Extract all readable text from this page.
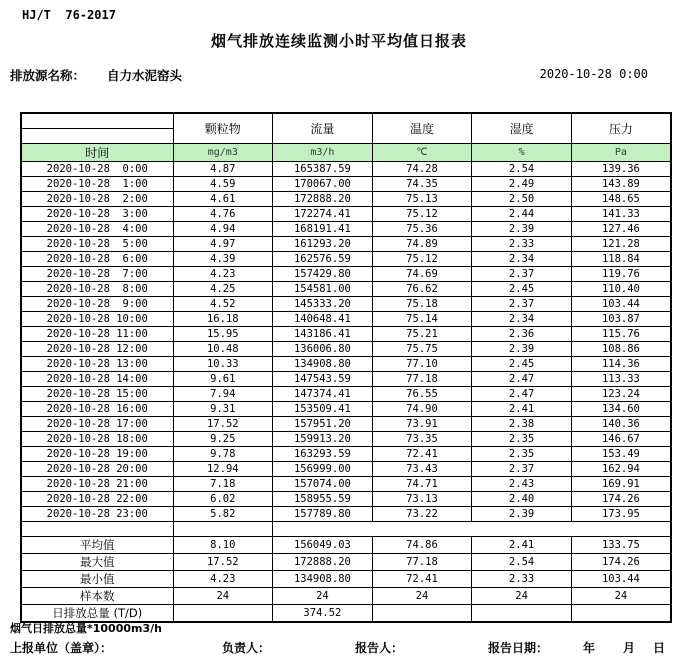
HJ/T  76-2017
烟气排放连续监测小时平均值日报表
排放源名称： 自力水泥窑头	2020-10-28 0:00
	颗粒物	流量	温度	湿度	压力

时间	mg/m3	m3/h	℃	%	Pa
2020-10-28  0:00	4.87	165387.59	74.28	2.54	139.36
2020-10-28  1:00	4.59	170067.00	74.35	2.49	143.89
2020-10-28  2:00	4.61	172888.20	75.13	2.50	148.65
2020-10-28  3:00	4.76	172274.41	75.12	2.44	141.33
2020-10-28  4:00	4.94	168191.41	75.36	2.39	127.46
2020-10-28  5:00	4.97	161293.20	74.89	2.33	121.28
2020-10-28  6:00	4.39	162576.59	75.12	2.34	118.84
2020-10-28  7:00	4.23	157429.80	74.69	2.37	119.76
2020-10-28  8:00	4.25	154581.00	76.62	2.45	110.40
2020-10-28  9:00	4.52	145333.20	75.18	2.37	103.44
2020-10-28 10:00	16.18	140648.41	75.14	2.34	103.87
2020-10-28 11:00	15.95	143186.41	75.21	2.36	115.76
2020-10-28 12:00	10.48	136006.80	75.75	2.39	108.86
2020-10-28 13:00	10.33	134908.80	77.10	2.45	114.36
2020-10-28 14:00	9.61	147543.59	77.18	2.47	113.33
2020-10-28 15:00	7.94	147374.41	76.55	2.47	123.24
2020-10-28 16:00	9.31	153509.41	74.90	2.41	134.60
2020-10-28 17:00	17.52	157951.20	73.91	2.38	140.36
2020-10-28 18:00	9.25	159913.20	73.35	2.35	146.67
2020-10-28 19:00	9.78	163293.59	72.41	2.35	153.49
2020-10-28 20:00	12.94	156999.00	73.43	2.37	162.94
2020-10-28 21:00	7.18	157074.00	74.71	2.43	169.91
2020-10-28 22:00	6.02	158955.59	73.13	2.40	174.26
2020-10-28 23:00	5.82	157789.80	73.22	2.39	173.95

平均值	8.10	156049.03	74.86	2.41	133.75
最大值	17.52	172888.20	77.18	2.54	174.26
最小值	4.23	134908.80	72.41	2.33	103.44
样本数	24	24	24	24	24
日排放总量 (T/D)		374.52			
烟气日排放总量*10000m3/h
上报单位（盖章）：	负责人：	报告人：	报告日期：	年 月 日
